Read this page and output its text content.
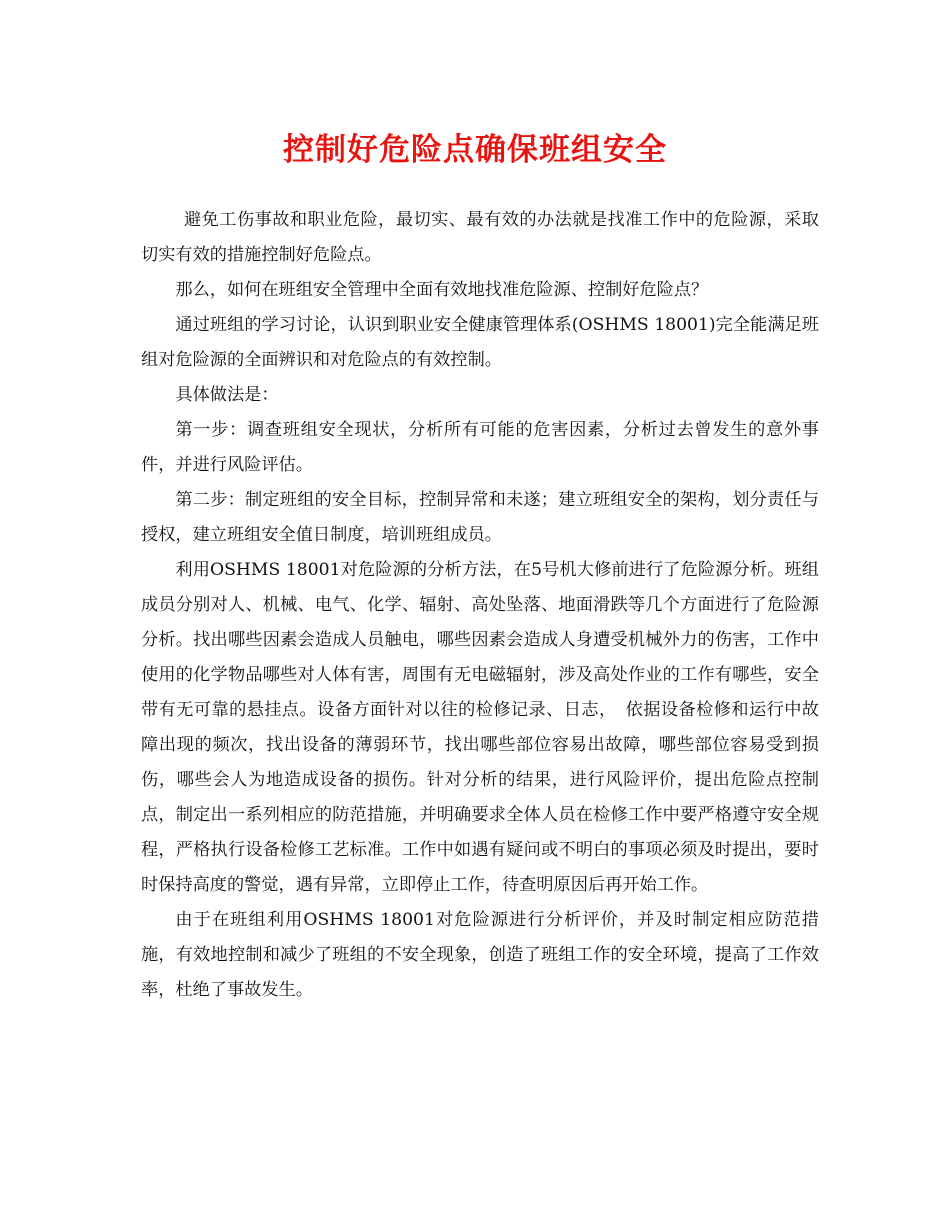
控制好危险点确保班组安全

避免工伤事故和职业危险，最切实、最有效的办法就是找准工作中的危险源，采取切实有效的措施控制好危险点。

那么，如何在班组安全管理中全面有效地找准危险源、控制好危险点？

通过班组的学习讨论，认识到职业安全健康管理体系(OSHMS 18001)完全能满足班组对危险源的全面辨识和对危险点的有效控制。

具体做法是：

第一步：调查班组安全现状，分析所有可能的危害因素，分析过去曾发生的意外事件，并进行风险评估。

第二步：制定班组的安全目标，控制异常和未遂；建立班组安全的架构，划分责任与授权，建立班组安全值日制度，培训班组成员。

利用OSHMS 18001对危险源的分析方法，在5号机大修前进行了危险源分析。班组成员分别对人、机械、电气、化学、辐射、高处坠落、地面滑跌等几个方面进行了危险源分析。找出哪些因素会造成人员触电，哪些因素会造成人身遭受机械外力的伤害，工作中使用的化学物品哪些对人体有害，周围有无电磁辐射，涉及高处作业的工作有哪些，安全带有无可靠的悬挂点。设备方面针对以往的检修记录、日志，　依据设备检修和运行中故障出现的频次，找出设备的薄弱环节，找出哪些部位容易出故障，哪些部位容易受到损伤，哪些会人为地造成设备的损伤。针对分析的结果，进行风险评价，提出危险点控制点，制定出一系列相应的防范措施，并明确要求全体人员在检修工作中要严格遵守安全规程，严格执行设备检修工艺标准。工作中如遇有疑问或不明白的事项必须及时提出，要时时保持高度的警觉，遇有异常，立即停止工作，待查明原因后再开始工作。

由于在班组利用OSHMS 18001对危险源进行分析评价，并及时制定相应防范措施，有效地控制和减少了班组的不安全现象，创造了班组工作的安全环境，提高了工作效率，杜绝了事故发生。
